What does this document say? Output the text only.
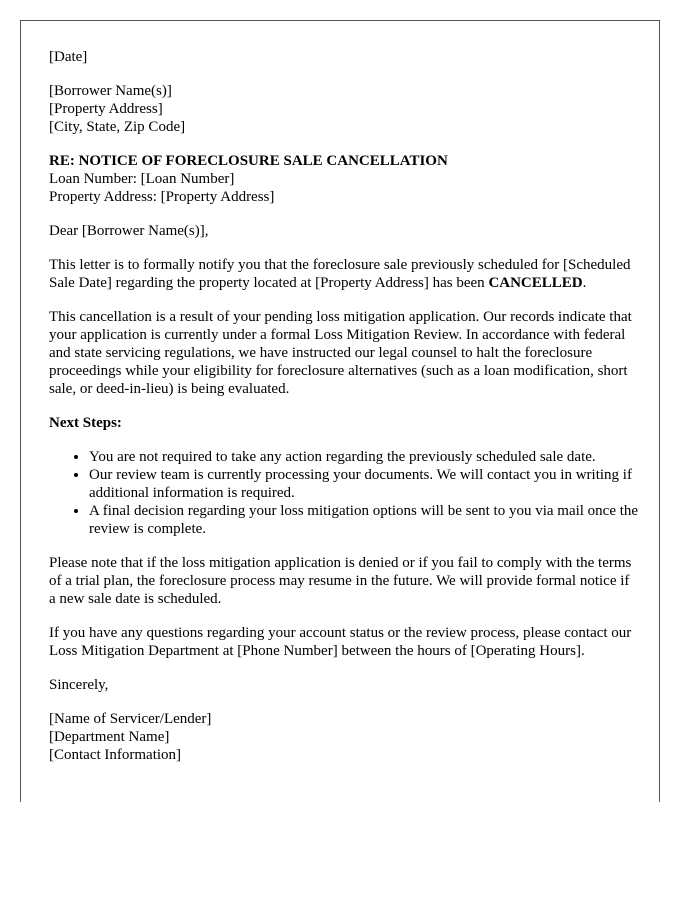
[Date]

[Borrower Name(s)]
[Property Address]
[City, State, Zip Code]

RE: NOTICE OF FORECLOSURE SALE CANCELLATION
Loan Number: [Loan Number]
Property Address: [Property Address]

Dear [Borrower Name(s)],

This letter is to formally notify you that the foreclosure sale previously scheduled for [Scheduled Sale Date] regarding the property located at [Property Address] has been CANCELLED.

This cancellation is a result of your pending loss mitigation application. Our records indicate that your application is currently under a formal Loss Mitigation Review. In accordance with federal and state servicing regulations, we have instructed our legal counsel to halt the foreclosure proceedings while your eligibility for foreclosure alternatives (such as a loan modification, short sale, or deed-in-lieu) is being evaluated.

Next Steps:

• You are not required to take any action regarding the previously scheduled sale date.
• Our review team is currently processing your documents. We will contact you in writing if additional information is required.
• A final decision regarding your loss mitigation options will be sent to you via mail once the review is complete.

Please note that if the loss mitigation application is denied or if you fail to comply with the terms of a trial plan, the foreclosure process may resume in the future. We will provide formal notice if a new sale date is scheduled.

If you have any questions regarding your account status or the review process, please contact our Loss Mitigation Department at [Phone Number] between the hours of [Operating Hours].

Sincerely,

[Name of Servicer/Lender]
[Department Name]
[Contact Information]
